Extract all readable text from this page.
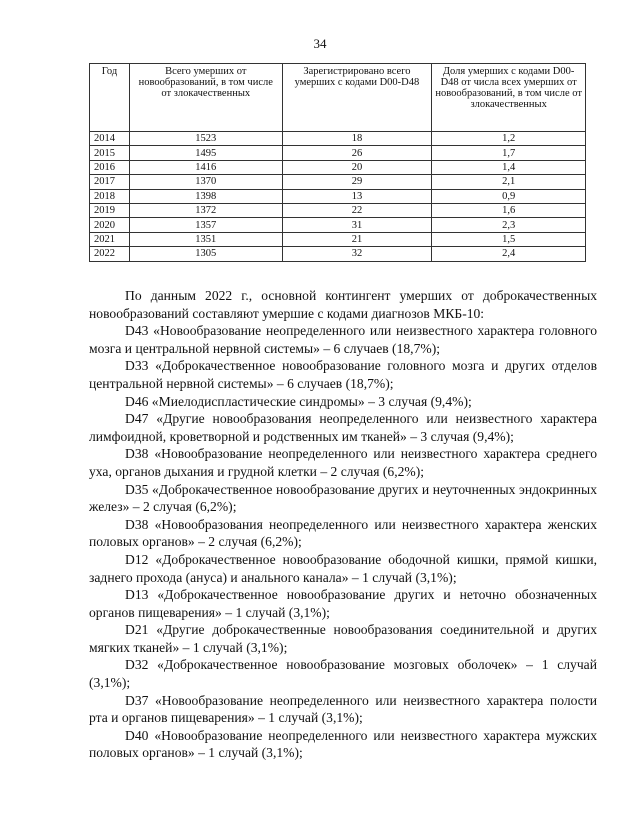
34
Год	Всего умерших от новообразований, в том числе от злокачественных	Зарегистрировано всего умерших с кодами D00-D48	Доля умерших с кодами D00-D48 от числа всех умерших от новообразований, в том числе от злокачественных
2014	1523	18	1,2
2015	1495	26	1,7
2016	1416	20	1,4
2017	1370	29	2,1
2018	1398	13	0,9
2019	1372	22	1,6
2020	1357	31	2,3
2021	1351	21	1,5
2022	1305	32	2,4

По данным 2022 г., основной контингент умерших от доброкачественных новообразований составляют умершие с кодами диагнозов МКБ-10:

D43 «Новообразование неопределенного или неизвестного характера головного мозга и центральной нервной системы» – 6 случаев (18,7%);

D33 «Доброкачественное новообразование головного мозга и других отделов центральной нервной системы» – 6 случаев (18,7%);

D46 «Миелодиспластические синдромы» – 3 случая (9,4%);

D47 «Другие новообразования неопределенного или неизвестного характера лимфоидной, кроветворной и родственных им тканей» – 3 случая (9,4%);

D38 «Новообразование неопределенного или неизвестного характера среднего уха, органов дыхания и грудной клетки – 2 случая (6,2%);

D35 «Доброкачественное новообразование других и неуточненных эндокринных желез» – 2 случая (6,2%);

D38 «Новообразования неопределенного или неизвестного характера женских половых органов» – 2 случая (6,2%);

D12 «Доброкачественное новообразование ободочной кишки, прямой кишки, заднего прохода (ануса) и анального канала» – 1 случай (3,1%);

D13 «Доброкачественное новообразование других и неточно обозначенных органов пищеварения» – 1 случай (3,1%);

D21 «Другие доброкачественные новообразования соединительной и других мягких тканей» – 1 случай (3,1%);

D32 «Доброкачественное новообразование мозговых оболочек» – 1 случай (3,1%);

D37 «Новообразование неопределенного или неизвестного характера полости рта и органов пищеварения» – 1 случай (3,1%);

D40 «Новообразование неопределенного или неизвестного характера мужских половых органов» – 1 случай (3,1%);
